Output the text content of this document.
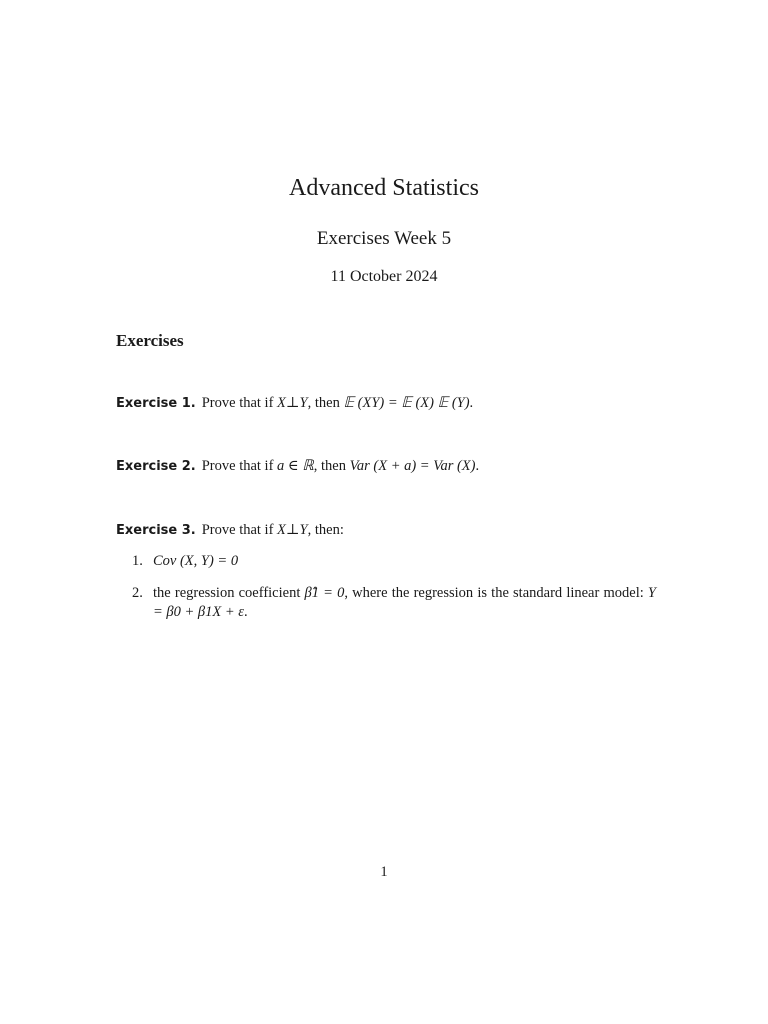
Advanced Statistics
Exercises Week 5
11 October 2024
Exercises
Exercise 1. Prove that if X⊥Y, then 𝔼 (XY) = 𝔼 (X) 𝔼 (Y).
Exercise 2. Prove that if a ∈ ℝ, then Var (X + a) = Var (X).
Exercise 3. Prove that if X⊥Y, then:
1. Cov (X, Y) = 0
2. the regression coefficient β̂1 = 0, where the regression is the standard linear model: Y = β0 + β1X + ε.
1
